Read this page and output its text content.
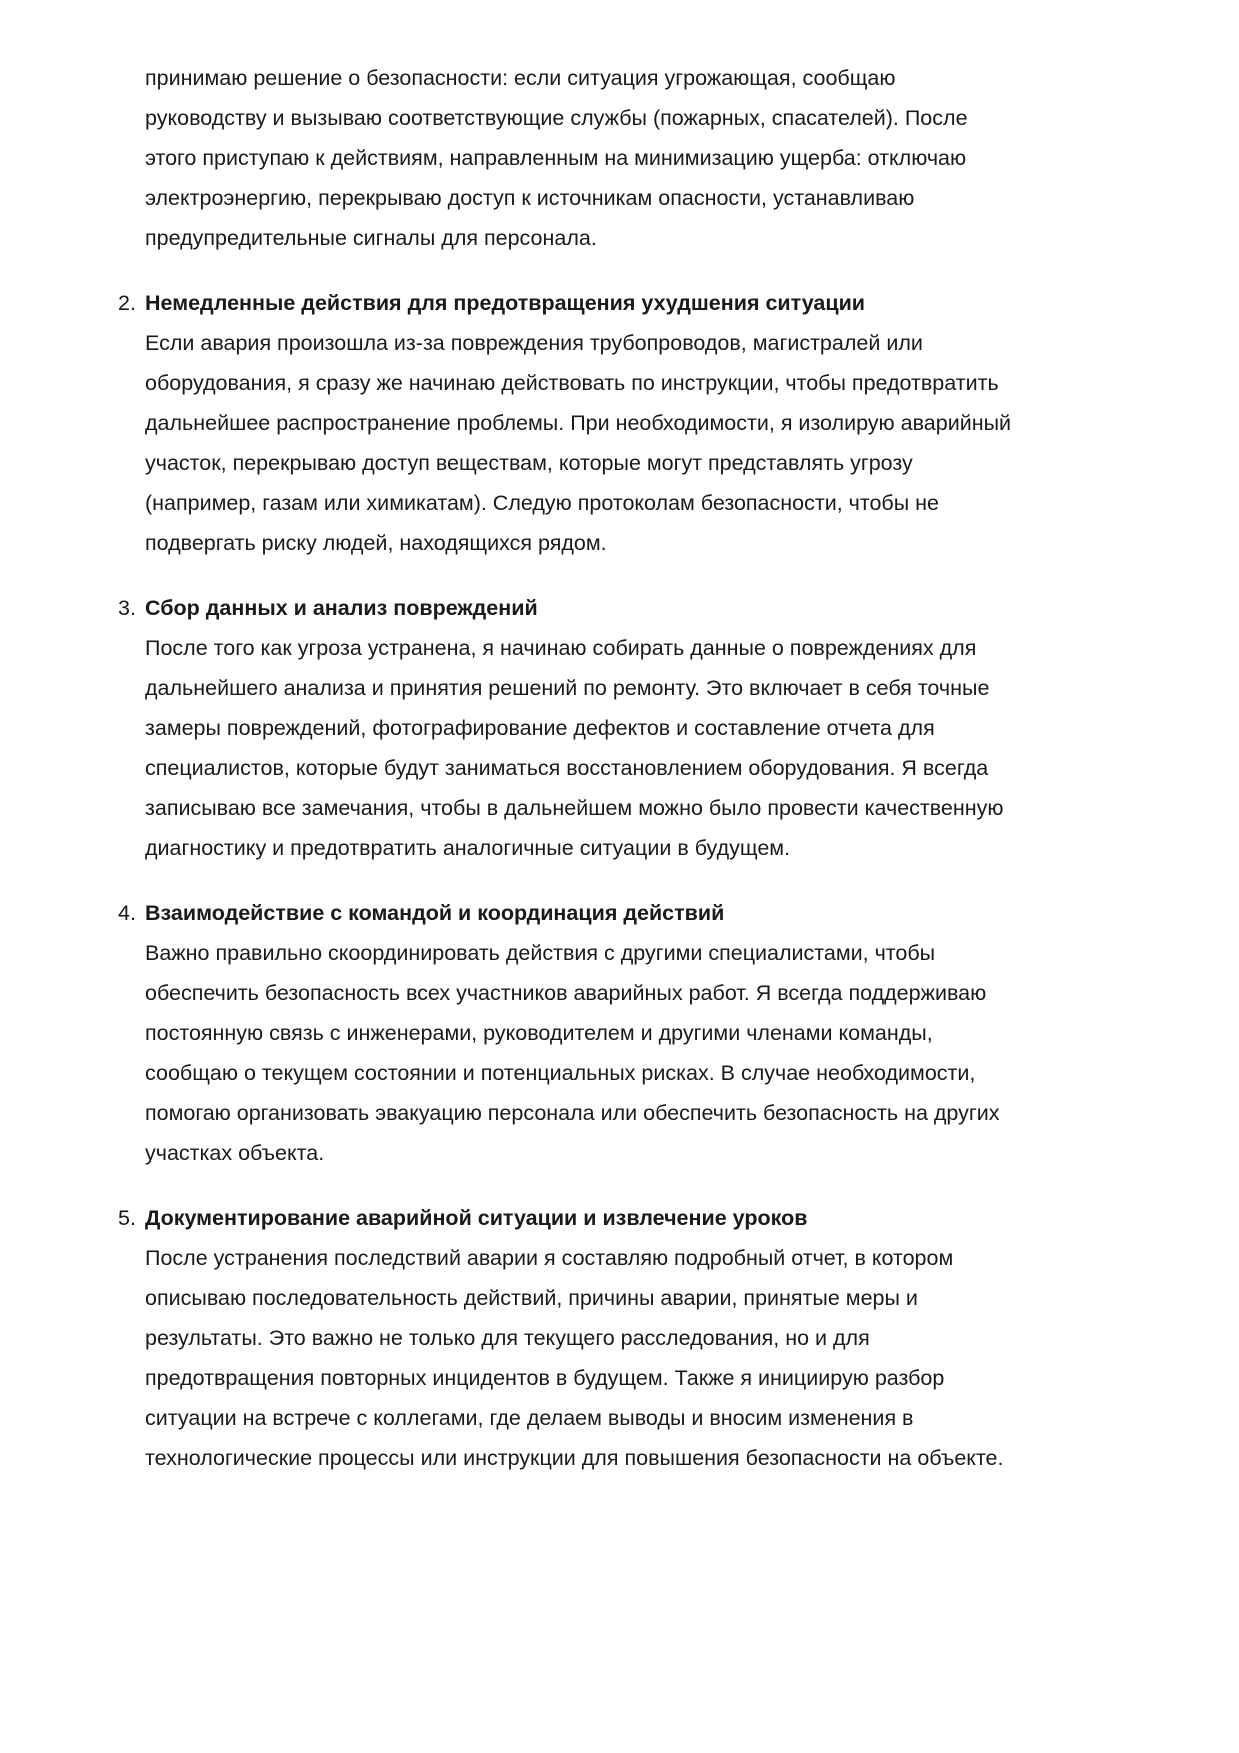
принимаю решение о безопасности: если ситуация угрожающая, сообщаю
руководству и вызываю соответствующие службы (пожарных, спасателей). После
этого приступаю к действиям, направленным на минимизацию ущерба: отключаю
электроэнергию, перекрываю доступ к источникам опасности, устанавливаю
предупредительные сигналы для персонала.
2. Немедленные действия для предотвращения ухудшения ситуации
Если авария произошла из-за повреждения трубопроводов, магистралей или
оборудования, я сразу же начинаю действовать по инструкции, чтобы предотвратить
дальнейшее распространение проблемы. При необходимости, я изолирую аварийный
участок, перекрываю доступ веществам, которые могут представлять угрозу
(например, газам или химикатам). Следую протоколам безопасности, чтобы не
подвергать риску людей, находящихся рядом.
3. Сбор данных и анализ повреждений
После того как угроза устранена, я начинаю собирать данные о повреждениях для
дальнейшего анализа и принятия решений по ремонту. Это включает в себя точные
замеры повреждений, фотографирование дефектов и составление отчета для
специалистов, которые будут заниматься восстановлением оборудования. Я всегда
записываю все замечания, чтобы в дальнейшем можно было провести качественную
диагностику и предотвратить аналогичные ситуации в будущем.
4. Взаимодействие с командой и координация действий
Важно правильно скоординировать действия с другими специалистами, чтобы
обеспечить безопасность всех участников аварийных работ. Я всегда поддерживаю
постоянную связь с инженерами, руководителем и другими членами команды,
сообщаю о текущем состоянии и потенциальных рисках. В случае необходимости,
помогаю организовать эвакуацию персонала или обеспечить безопасность на других
участках объекта.
5. Документирование аварийной ситуации и извлечение уроков
После устранения последствий аварии я составляю подробный отчет, в котором
описываю последовательность действий, причины аварии, принятые меры и
результаты. Это важно не только для текущего расследования, но и для
предотвращения повторных инцидентов в будущем. Также я инициирую разбор
ситуации на встрече с коллегами, где делаем выводы и вносим изменения в
технологические процессы или инструкции для повышения безопасности на объекте.
